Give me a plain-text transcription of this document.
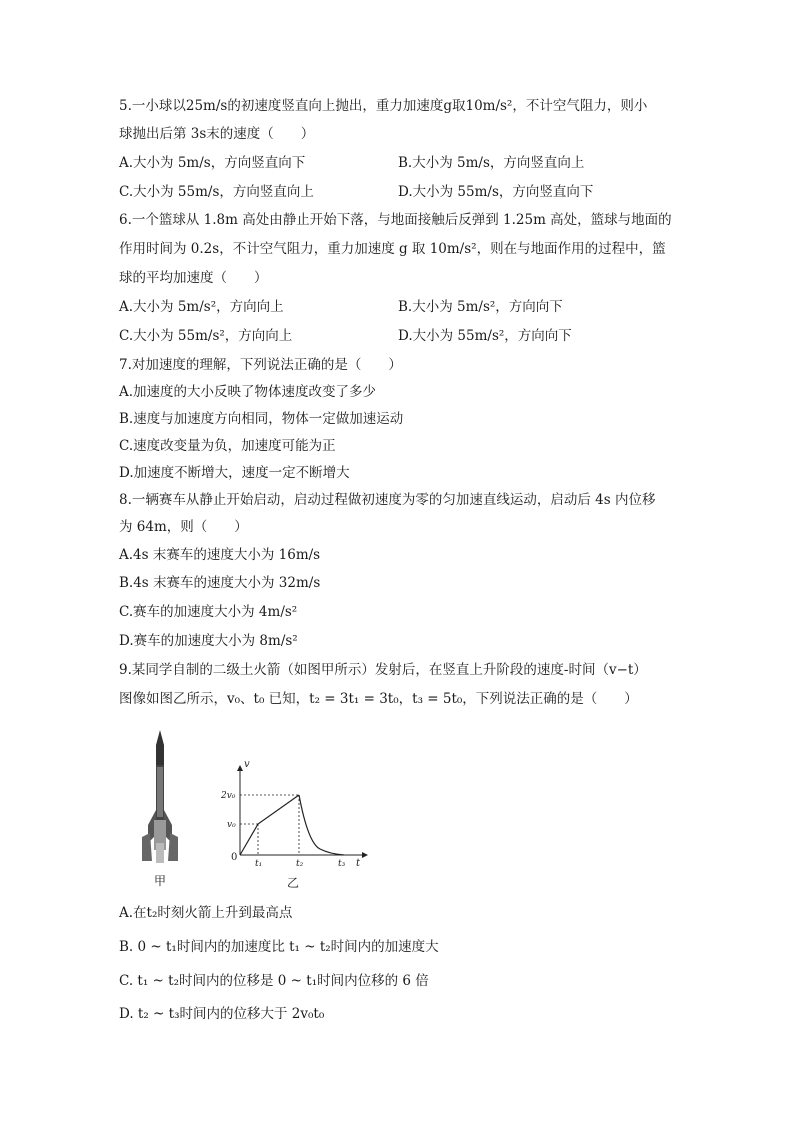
5.一小球以25m/s的初速度竖直向上抛出，重力加速度g取10m/s²，不计空气阻力，则小
球抛出后第 3s末的速度（　　）
A.大小为 5m/s，方向竖直向下	B.大小为 5m/s，方向竖直向上
C.大小为 55m/s，方向竖直向上	D.大小为 55m/s，方向竖直向下
6.一个篮球从 1.8m 高处由静止开始下落，与地面接触后反弹到 1.25m 高处，篮球与地面的
作用时间为 0.2s，不计空气阻力，重力加速度 g 取 10m/s²，则在与地面作用的过程中，篮
球的平均加速度（　　）
A.大小为 5m/s²，方向向上	B.大小为 5m/s²，方向向下
C.大小为 55m/s²，方向向上	D.大小为 55m/s²，方向向下
7.对加速度的理解，下列说法正确的是（　　）
A.加速度的大小反映了物体速度改变了多少
B.速度与加速度方向相同，物体一定做加速运动
C.速度改变量为负，加速度可能为正
D.加速度不断增大，速度一定不断增大
8.一辆赛车从静止开始启动，启动过程做初速度为零的匀加速直线运动，启动后 4s 内位移
为 64m，则（　　）
A.4s 末赛车的速度大小为 16m/s
B.4s 末赛车的速度大小为 32m/s
C.赛车的加速度大小为 4m/s²
D.赛车的加速度大小为 8m/s²
9.某同学自制的二级土火箭（如图甲所示）发射后，在竖直上升阶段的速度-时间（v−t）
图像如图乙所示，v₀、t₀ 已知，t₂ = 3t₁ = 3t₀，t₃ = 5t₀，下列说法正确的是（　　）
甲
v
t
0
2v₀
v₀
t₁	t₂	t₃
乙
A.在t₂时刻火箭上升到最高点
B. 0 ~ t₁时间内的加速度比 t₁ ~ t₂时间内的加速度大
C. t₁ ~ t₂时间内的位移是 0 ~ t₁时间内位移的 6 倍
D. t₂ ~ t₃时间内的位移大于 2v₀t₀
